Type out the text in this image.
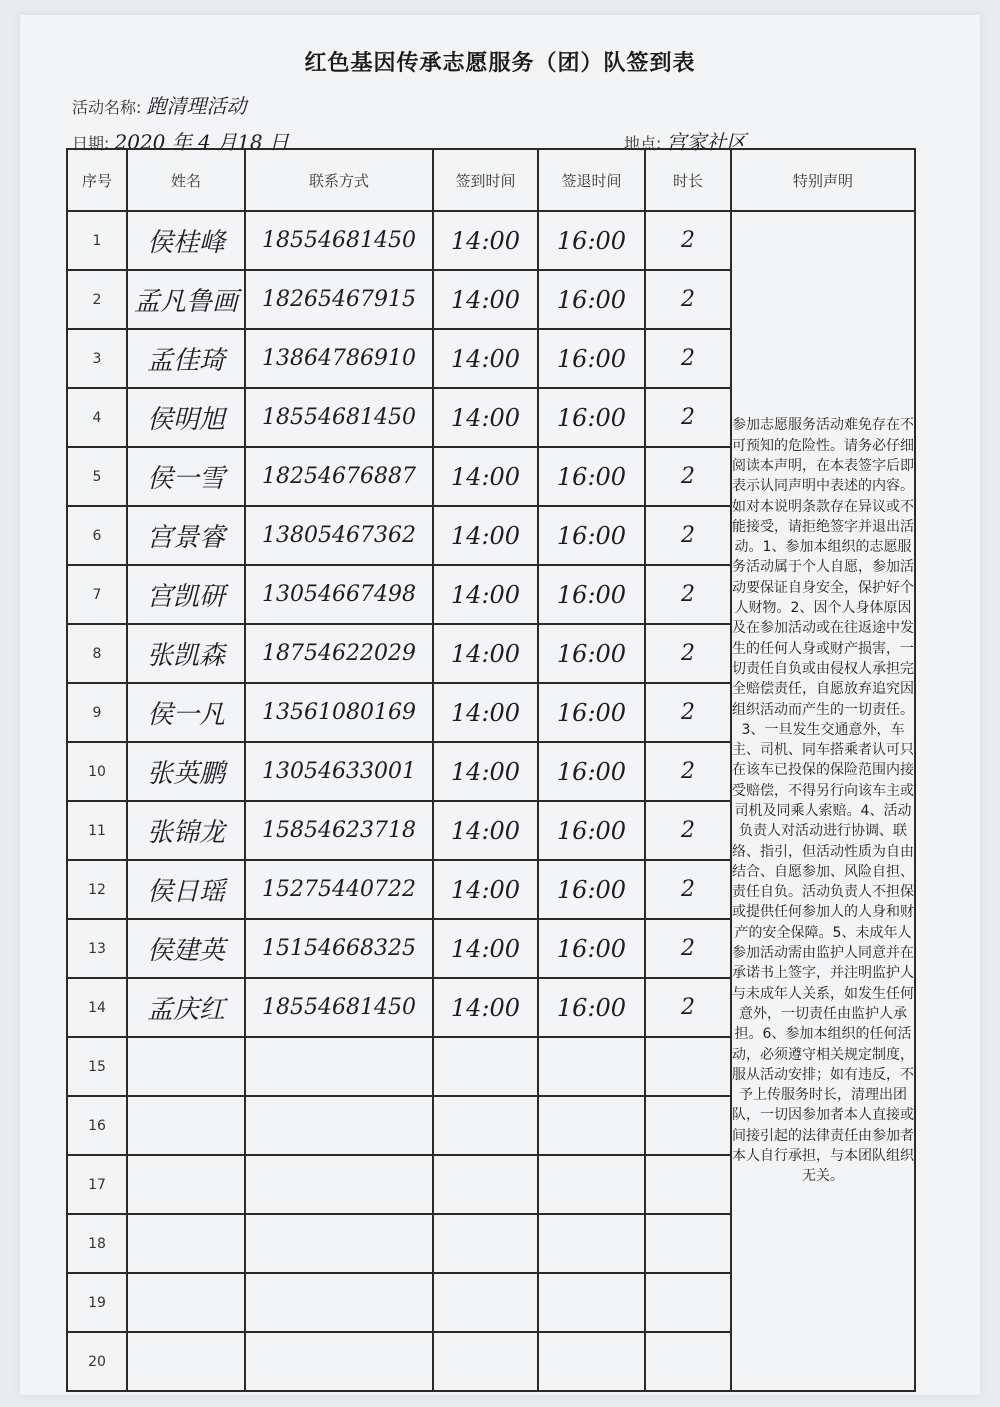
红色基因传承志愿服务（团）队签到表
活动名称: 跑清理活动
日期: 2020 年 4 月18 日	地点: 宫家社区
序号	姓名	联系方式	签到时间	签退时间	时长	特别声明
1	侯桂峰	18554681450	14:00	16:00	2	参加志愿服务活动难免存在不可预知的危险性。请务必仔细阅读本声明，在本表签字后即表示认同声明中表述的内容。如对本说明条款存在异议或不能接受，请拒绝签字并退出活动。1、参加本组织的志愿服务活动属于个人自愿，参加活动要保证自身安全，保护好个人财物。2、因个人身体原因及在参加活动或在往返途中发生的任何人身或财产损害，一切责任自负或由侵权人承担完全赔偿责任，自愿放弃追究因组织活动而产生的一切责任。3、一旦发生交通意外，车主、司机、同车搭乘者认可只在该车已投保的保险范围内接受赔偿，不得另行向该车主或司机及同乘人索赔。4、活动负责人对活动进行协调、联络、指引，但活动性质为自由结合、自愿参加、风险自担、责任自负。活动负责人不担保或提供任何参加人的人身和财产的安全保障。5、未成年人参加活动需由监护人同意并在承诺书上签字，并注明监护人与未成年人关系，如发生任何意外，一切责任由监护人承担。6、参加本组织的任何活动，必须遵守相关规定制度，服从活动安排；如有违反，不予上传服务时长，清理出团队，一切因参加者本人直接或间接引起的法律责任由参加者本人自行承担，与本团队组织无关。

2	孟凡鲁画	18265467915	14:00	16:00	2	
3	孟佳琦	13864786910	14:00	16:00	2	
4	侯明旭	18554681450	14:00	16:00	2	
5	侯一雪	18254676887	14:00	16:00	2	
6	宫景睿	13805467362	14:00	16:00	2	
7	宫凯研	13054667498	14:00	16:00	2	
8	张凯森	18754622029	14:00	16:00	2	
9	侯一凡	13561080169	14:00	16:00	2	
10	张英鹏	13054633001	14:00	16:00	2	
11	张锦龙	15854623718	14:00	16:00	2	
12	侯日瑶	15275440722	14:00	16:00	2	
13	侯建英	15154668325	14:00	16:00	2	
14	孟庆红	18554681450	14:00	16:00	2	
15						
16						
17						
18						
19						
20						
